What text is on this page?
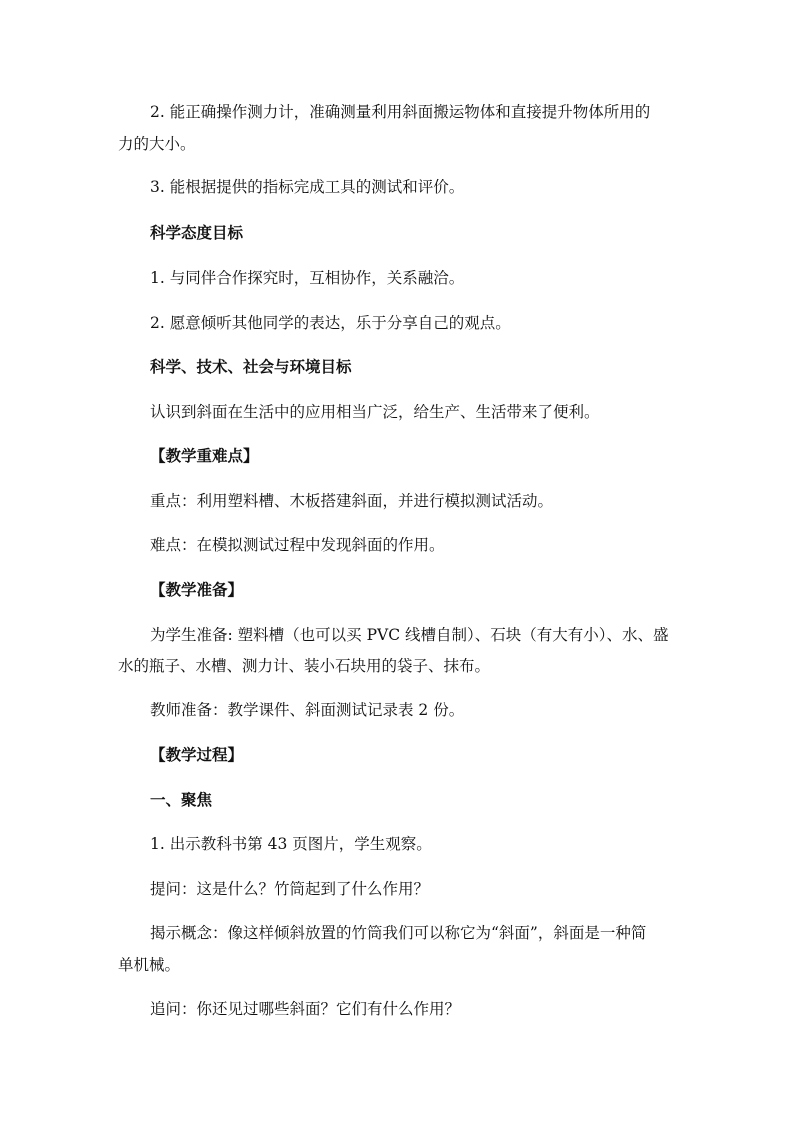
2. 能正确操作测力计，准确测量利用斜面搬运物体和直接提升物体所用的
力的大小。
3. 能根据提供的指标完成工具的测试和评价。
科学态度目标
1. 与同伴合作探究时，互相协作，关系融洽。
2. 愿意倾听其他同学的表达，乐于分享自己的观点。
科学、技术、社会与环境目标
认识到斜面在生活中的应用相当广泛，给生产、生活带来了便利。
【教学重难点】
重点：利用塑料槽、木板搭建斜面，并进行模拟测试活动。
难点：在模拟测试过程中发现斜面的作用。
【教学准备】
为学生准备: 塑料槽（也可以买 PVC 线槽自制）、石块（有大有小）、水、盛
水的瓶子、水槽、测力计、装小石块用的袋子、抹布。
教师准备：教学课件、斜面测试记录表 2 份。
【教学过程】
一、聚焦
1. 出示教科书第 43 页图片，学生观察。
提问：这是什么？竹筒起到了什么作用？
揭示概念：像这样倾斜放置的竹筒我们可以称它为“斜面”，斜面是一种简
单机械。
追问：你还见过哪些斜面？它们有什么作用？
